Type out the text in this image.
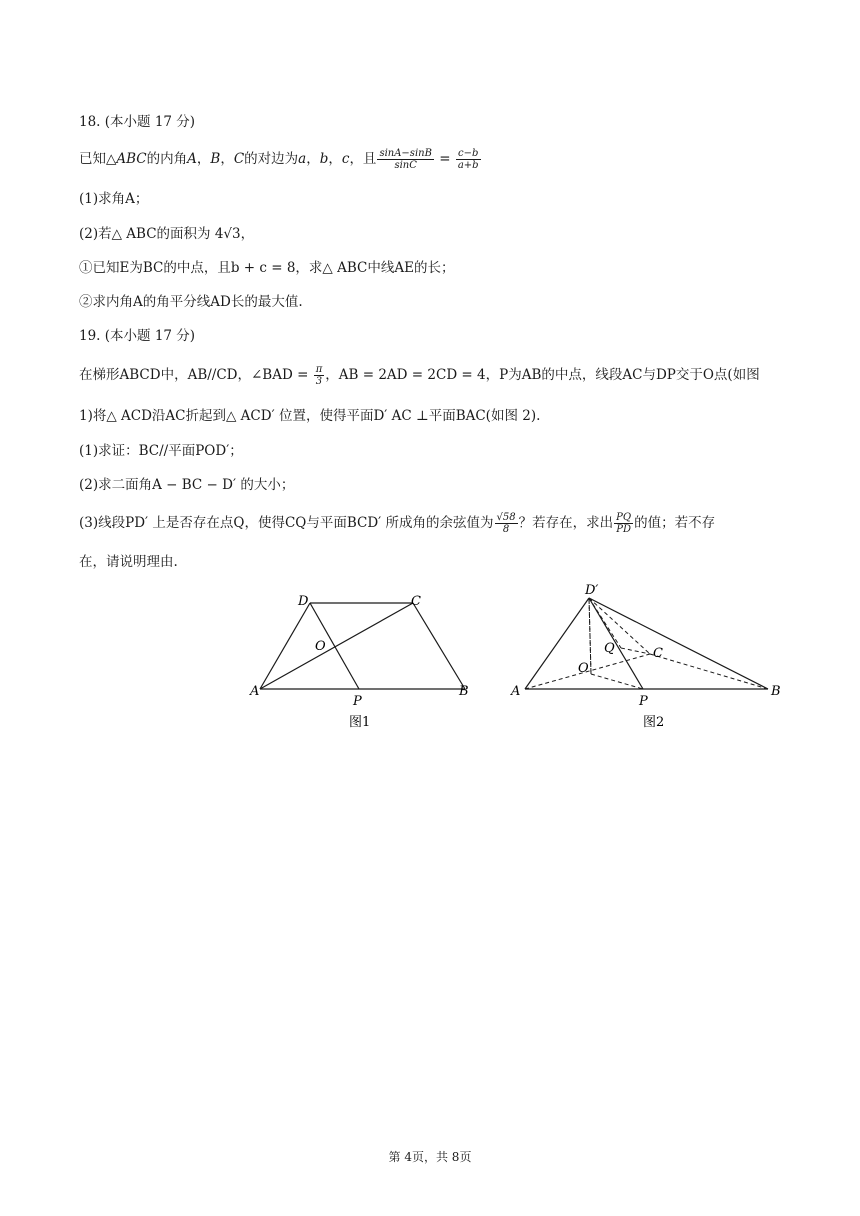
18. (本小题 17 分)
已知△ABC的内角A，B，C的对边为a，b，c，且 $\frac{\sin A-\sin B}{\sin C} = \frac{c-b}{a+b}$
(1)求角A；
(2)若△ ABC的面积为 4√3，
①已知E为BC的中点，且b + c = 8，求△ ABC中线AE的长；
②求内角A的角平分线AD长的最大值.
19. (本小题 17 分)
在梯形ABCD中，AB//CD，∠BAD = $\frac{\pi}{3}$ ，AB = 2AD = 2CD = 4，P为AB的中点，线段AC与DP交于O点(如图
1)将△ ACD沿AC折起到△ ACD′ 位置，使得平面D′ AC ⊥平面BAC(如图 2).
(1)求证：BC//平面POD′；
(2)求二面角A − BC − D′ 的大小；
(3)线段PD′ 上是否存在点Q，使得CQ与平面BCD′ 所成角的余弦值为 $\frac{√58}{8}$ ？若存在，求出 $\frac{PQ}{PD}$ 的值；若不存
在，请说明理由.
D	C
O
A
P
B
图1
D′
Q	C
O
A
P
B
图2
第 4页，共 8页
